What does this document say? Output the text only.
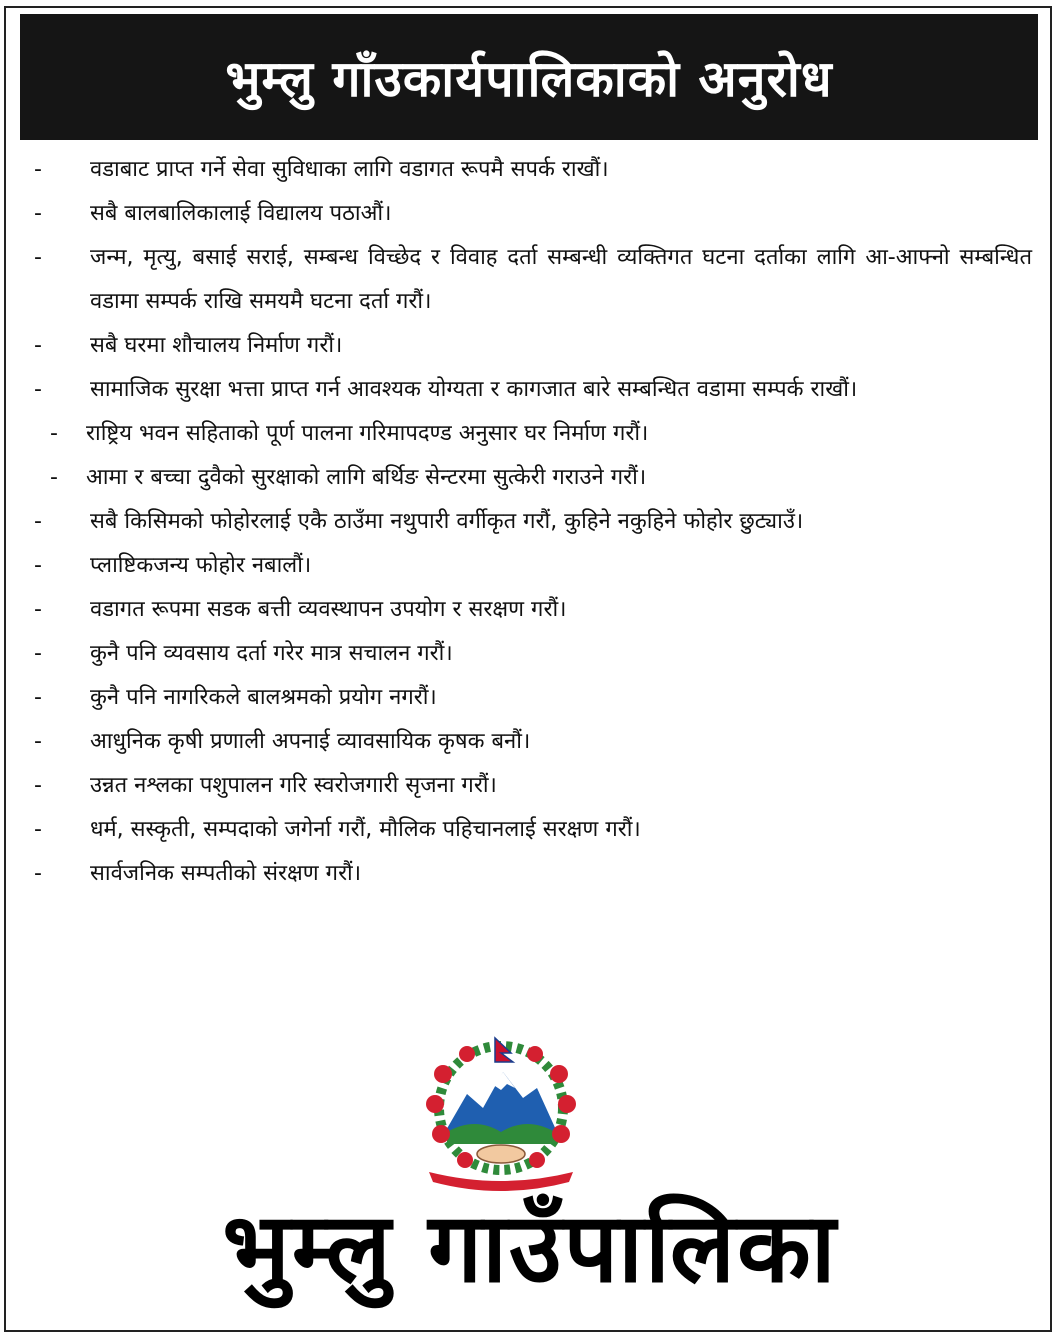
भुम्लु गाँउकार्यपालिकाको अनुरोध
-	वडाबाट प्राप्त गर्ने सेवा सुविधाका लागि वडागत रूपमै सपर्क राखौं।
-	सबै बालबालिकालाई विद्यालय पठाऔं।
-	जन्म, मृत्यु, बसाई सराई, सम्बन्ध विच्छेद र विवाह दर्ता सम्बन्धी व्यक्तिगत घटना दर्ताका लागि आ-आफ्नो सम्बन्धित वडामा सम्पर्क राखि समयमै घटना दर्ता गरौं।
-	सबै घरमा शौचालय निर्माण गरौं।
-	सामाजिक सुरक्षा भत्ता प्राप्त गर्न आवश्यक योग्यता र कागजात बारे सम्बन्धित वडामा सम्पर्क राखौं।
-	राष्ट्रिय भवन सहिताको पूर्ण पालना गरिमापदण्ड अनुसार घर निर्माण गरौं।
-	आमा र बच्चा दुवैको सुरक्षाको लागि बर्थिङ सेन्टरमा सुत्केरी गराउने गरौं।
-	सबै किसिमको फोहोरलाई एकै ठाउँमा नथुपारी वर्गीकृत गरौं, कुहिने नकुहिने फोहोर छुट्याउँ।
-	प्लाष्टिकजन्य फोहोर नबालौं।
-	वडागत रूपमा सडक बत्ती व्यवस्थापन उपयोग र सरक्षण गरौं।
-	कुनै पनि व्यवसाय दर्ता गरेर मात्र सचालन गरौं।
-	कुनै पनि नागरिकले बालश्रमको प्रयोग नगरौं।
-	आधुनिक कृषी प्रणाली अपनाई व्यावसायिक कृषक बनौं।
-	उन्नत नश्लका पशुपालन गरि स्वरोजगारी सृजना गरौं।
-	धर्म, सस्कृती, सम्पदाको जगेर्ना गरौं, मौलिक पहिचानलाई सरक्षण गरौं।
-	सार्वजनिक सम्पतीको संरक्षण गरौं।
भुम्लु गाउँपालिका
